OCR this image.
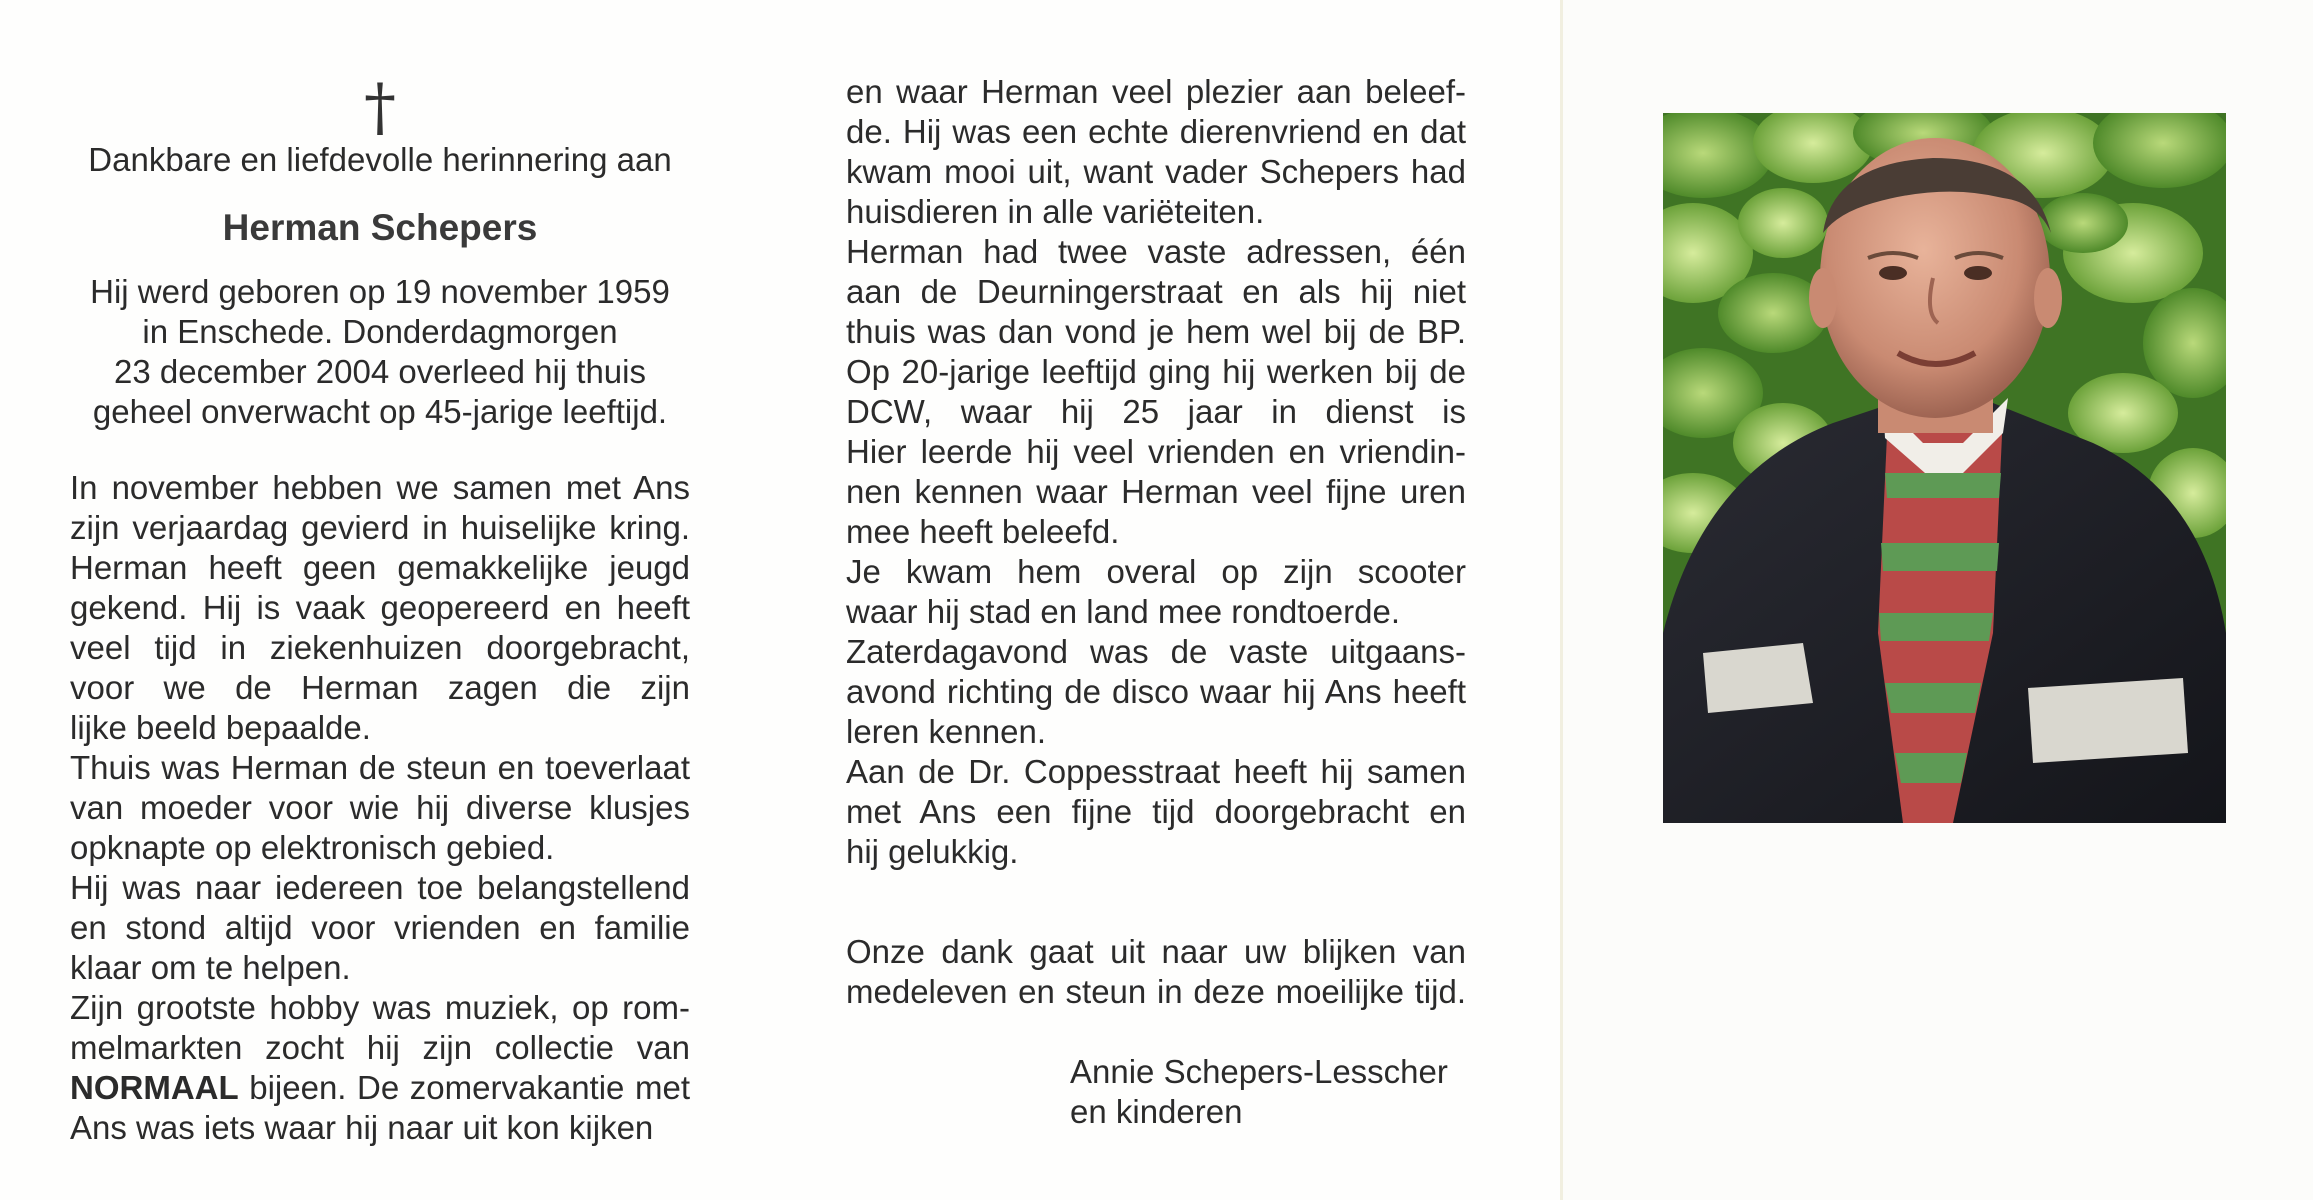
†
Dankbare en liefdevolle herinnering aan
Herman Schepers
Hij werd geboren op 19 november 1959
in Enschede. Donderdagmorgen
23 december 2004 overleed hij thuis
geheel onverwacht op 45-jarige leeftijd.
In november hebben we samen met Ans
zijn verjaardag gevierd in huiselijke kring.
Herman heeft geen gemakkelijke jeugd
gekend. Hij is vaak geopereerd en heeft
veel tijd in ziekenhuizen doorgebracht,
voor we de Herman zagen die zijn
lijke beeld bepaalde.
Thuis was Herman de steun en toeverlaat
van moeder voor wie hij diverse klusjes
opknapte op elektronisch gebied.
Hij was naar iedereen toe belangstellend
en stond altijd voor vrienden en familie
klaar om te helpen.
Zijn grootste hobby was muziek, op rom-
melmarkten zocht hij zijn collectie van
NORMAAL bijeen. De zomervakantie met
Ans was iets waar hij naar uit kon kijken
en waar Herman veel plezier aan beleef-
de. Hij was een echte dierenvriend en dat
kwam mooi uit, want vader Schepers had
huisdieren in alle variëteiten.
Herman had twee vaste adressen, één
aan de Deurningerstraat en als hij niet
thuis was dan vond je hem wel bij de BP.
Op 20-jarige leeftijd ging hij werken bij de
DCW, waar hij 25 jaar in dienst is
Hier leerde hij veel vrienden en vriendin-
nen kennen waar Herman veel fijne uren
mee heeft beleefd.
Je kwam hem overal op zijn scooter
waar hij stad en land mee rondtoerde.
Zaterdagavond was de vaste uitgaans-
avond richting de disco waar hij Ans heeft
leren kennen.
Aan de Dr. Coppesstraat heeft hij samen
met Ans een fijne tijd doorgebracht en
hij gelukkig.
Onze dank gaat uit naar uw blijken van
medeleven en steun in deze moeilijke tijd.
Annie Schepers-Lesscher
en kinderen
